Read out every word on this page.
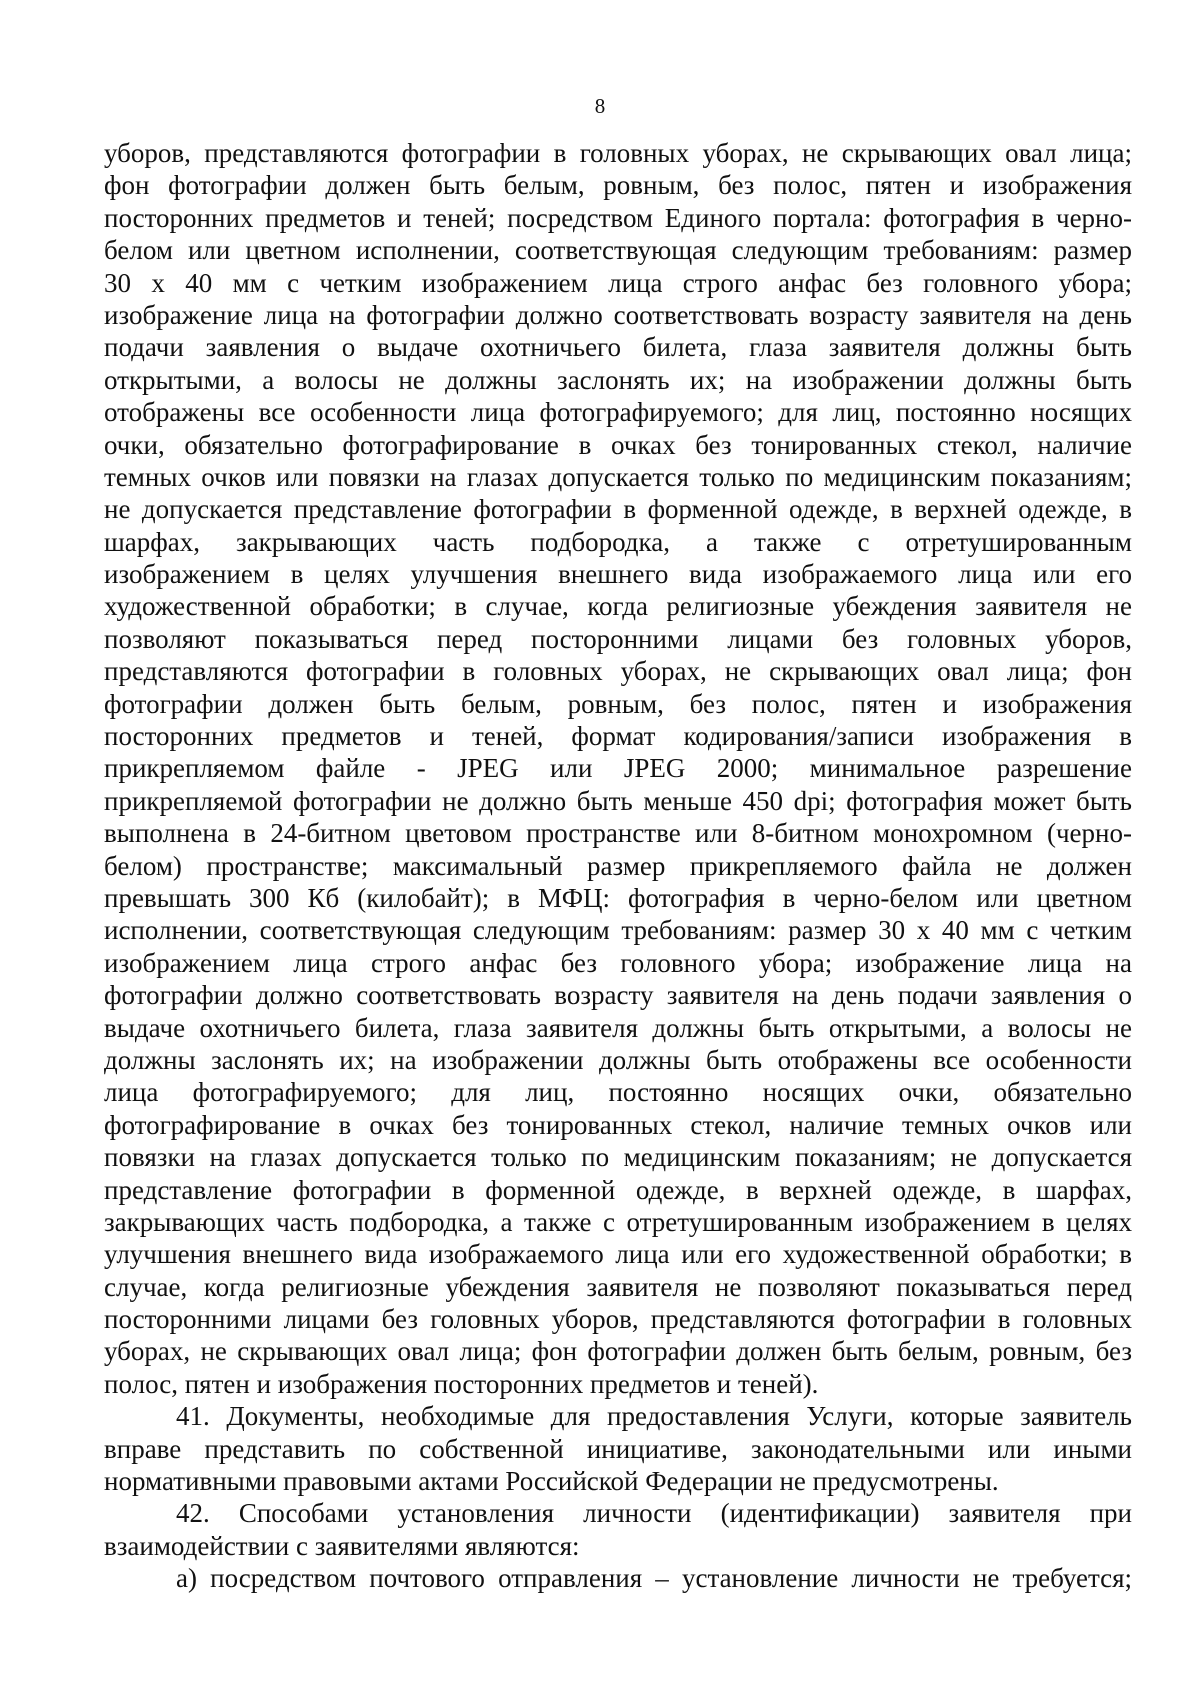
8
уборов, представляются фотографии в головных уборах, не скрывающих овал лица;
фон фотографии должен быть белым, ровным, без полос, пятен и изображения
посторонних предметов и теней; посредством Единого портала: фотография в черно-
белом или цветном исполнении, соответствующая следующим требованиям: размер
30 х 40 мм с четким изображением лица строго анфас без головного убора;
изображение лица на фотографии должно соответствовать возрасту заявителя на день
подачи заявления о выдаче охотничьего билета, глаза заявителя должны быть
открытыми, а волосы не должны заслонять их; на изображении должны быть
отображены все особенности лица фотографируемого; для лиц, постоянно носящих
очки, обязательно фотографирование в очках без тонированных стекол, наличие
темных очков или повязки на глазах допускается только по медицинским показаниям;
не допускается представление фотографии в форменной одежде, в верхней одежде, в
шарфах, закрывающих часть подбородка, а также с отретушированным
изображением в целях улучшения внешнего вида изображаемого лица или его
художественной обработки; в случае, когда религиозные убеждения заявителя не
позволяют показываться перед посторонними лицами без головных уборов,
представляются фотографии в головных уборах, не скрывающих овал лица; фон
фотографии должен быть белым, ровным, без полос, пятен и изображения
посторонних предметов и теней, формат кодирования/записи изображения в
прикрепляемом файле - JPEG или JPEG 2000; минимальное разрешение
прикрепляемой фотографии не должно быть меньше 450 dpi; фотография может быть
выполнена в 24-битном цветовом пространстве или 8-битном монохромном (черно-
белом) пространстве; максимальный размер прикрепляемого файла не должен
превышать 300 Кб (килобайт); в МФЦ: фотография в черно-белом или цветном
исполнении, соответствующая следующим требованиям: размер 30 х 40 мм с четким
изображением лица строго анфас без головного убора; изображение лица на
фотографии должно соответствовать возрасту заявителя на день подачи заявления о
выдаче охотничьего билета, глаза заявителя должны быть открытыми, а волосы не
должны заслонять их; на изображении должны быть отображены все особенности
лица фотографируемого; для лиц, постоянно носящих очки, обязательно
фотографирование в очках без тонированных стекол, наличие темных очков или
повязки на глазах допускается только по медицинским показаниям; не допускается
представление фотографии в форменной одежде, в верхней одежде, в шарфах,
закрывающих часть подбородка, а также с отретушированным изображением в целях
улучшения внешнего вида изображаемого лица или его художественной обработки; в
случае, когда религиозные убеждения заявителя не позволяют показываться перед
посторонними лицами без головных уборов, представляются фотографии в головных
уборах, не скрывающих овал лица; фон фотографии должен быть белым, ровным, без
полос, пятен и изображения посторонних предметов и теней).
41. Документы, необходимые для предоставления Услуги, которые заявитель
вправе представить по собственной инициативе, законодательными или иными
нормативными правовыми актами Российской Федерации не предусмотрены.
42. Способами установления личности (идентификации) заявителя при
взаимодействии с заявителями являются:
а) посредством почтового отправления – установление личности не требуется;
